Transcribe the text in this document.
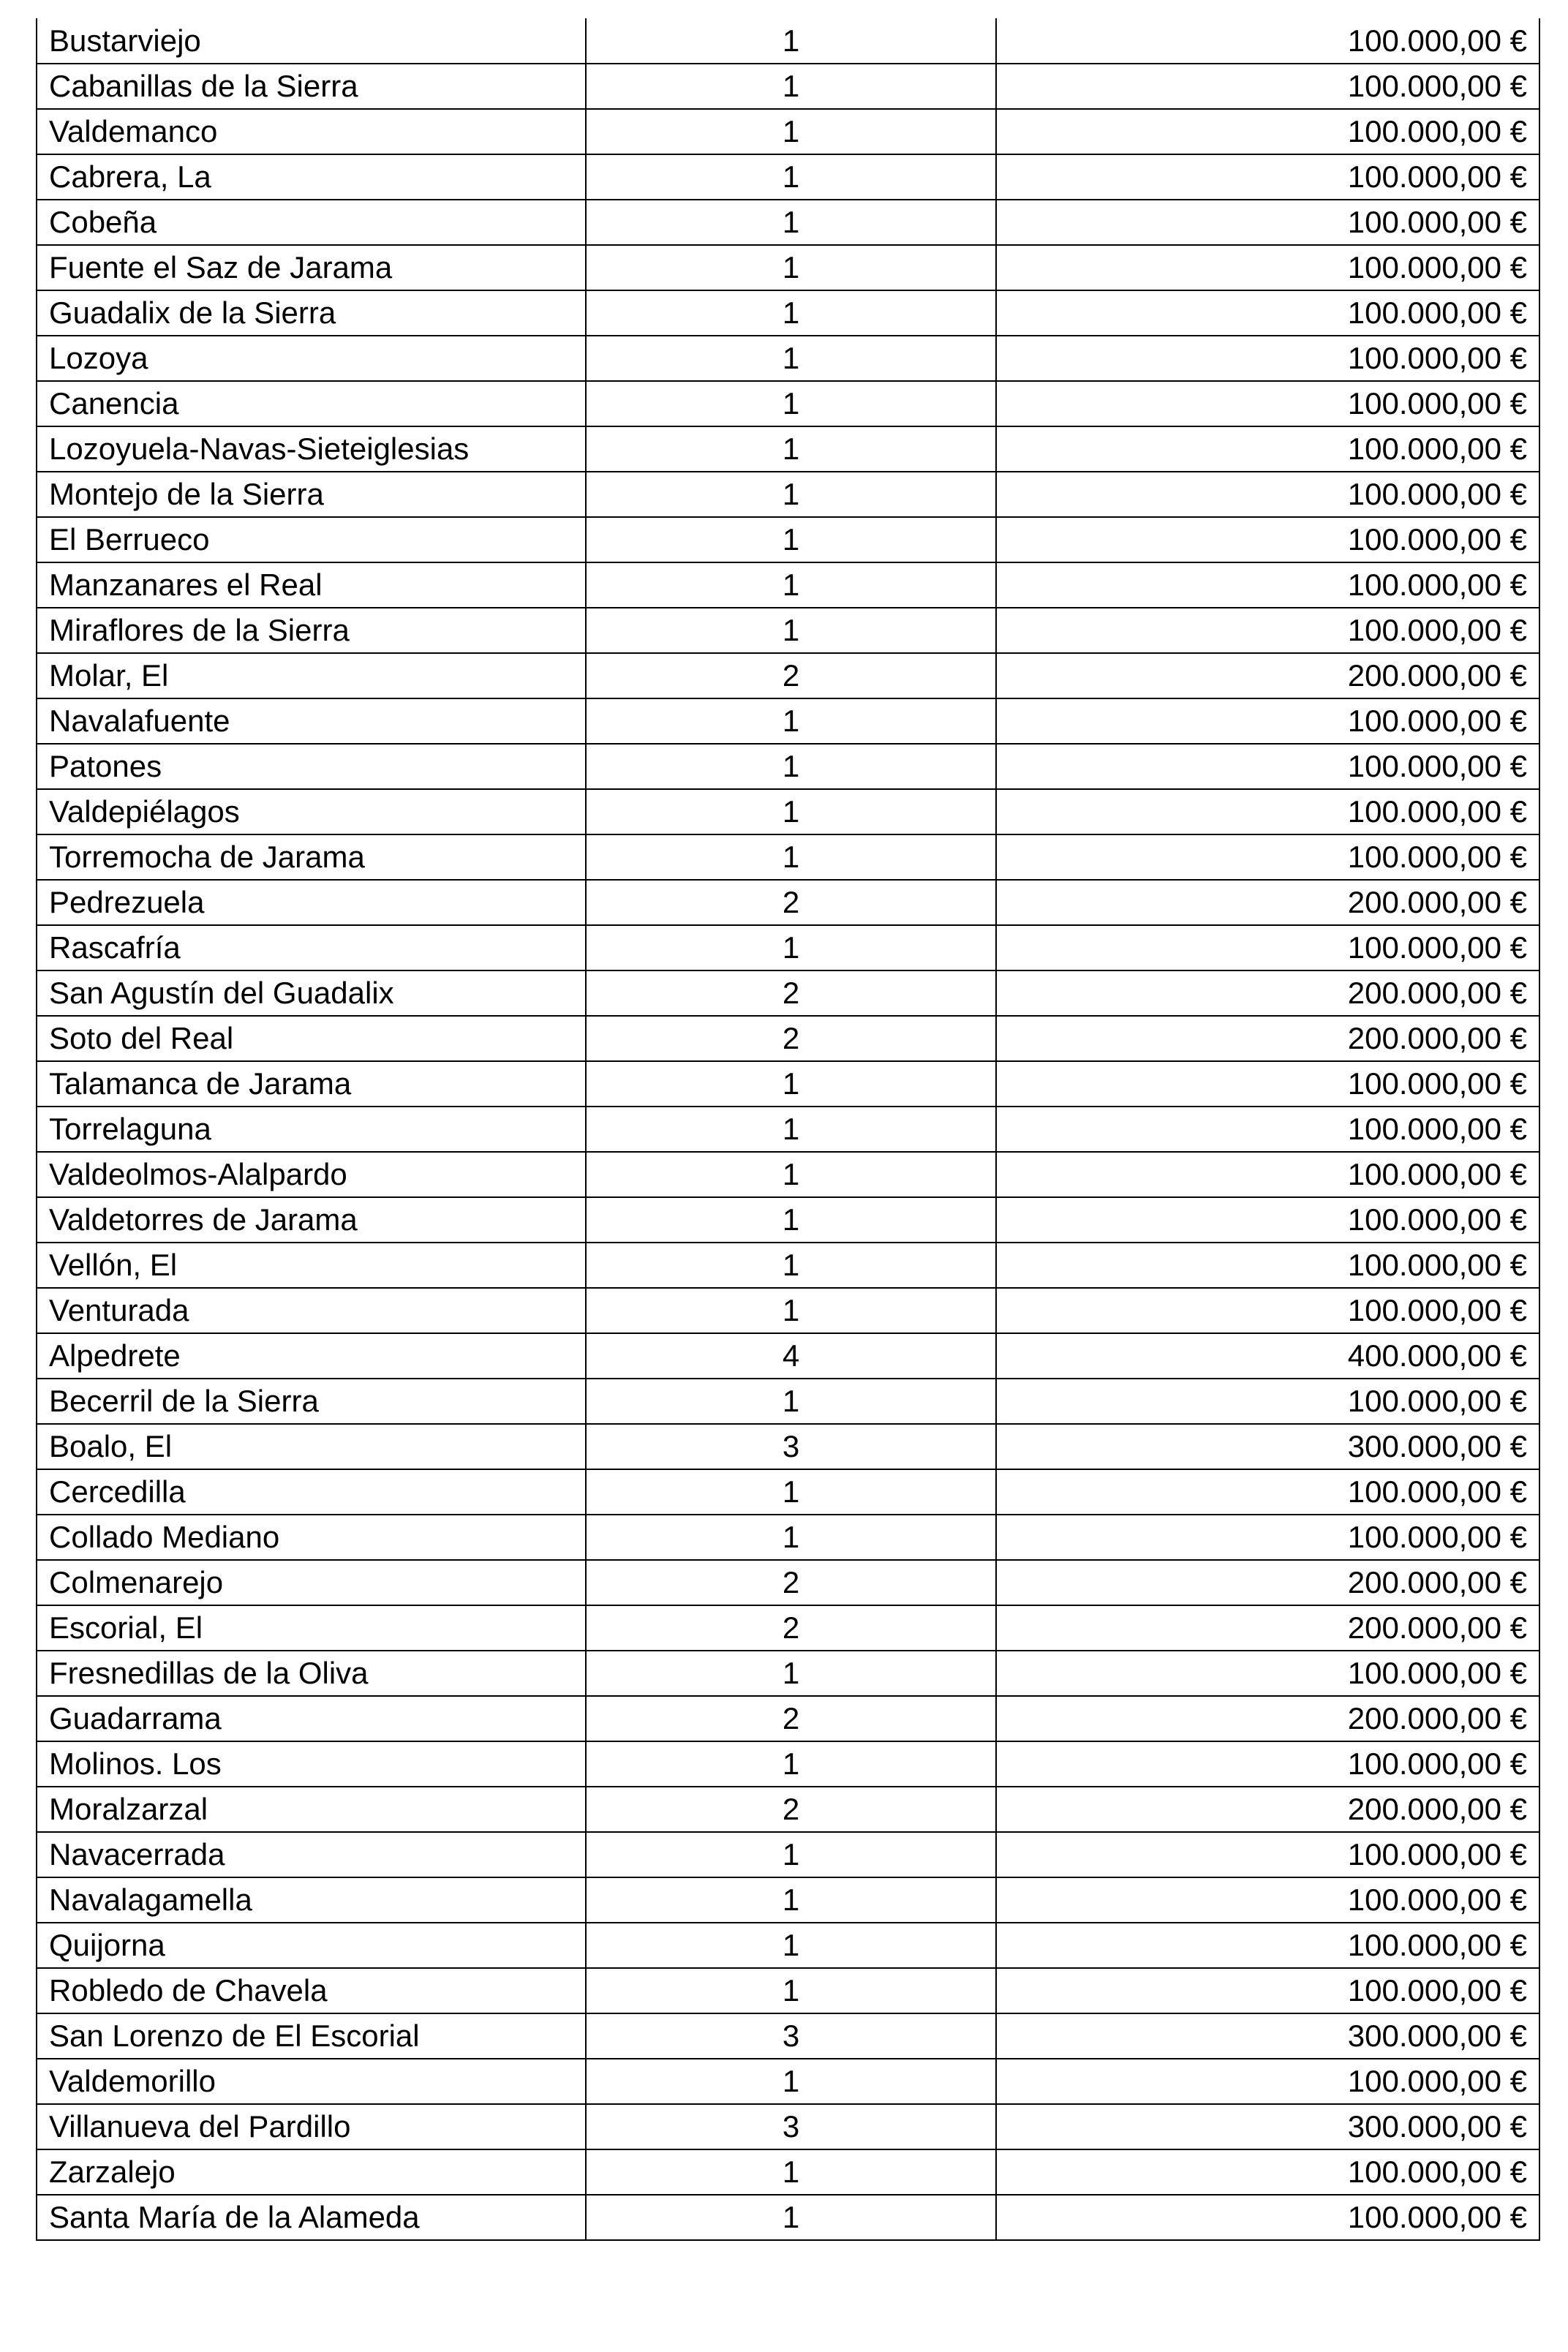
Bustarviejo	1	100.000,00 €
Cabanillas de la Sierra	1	100.000,00 €
Valdemanco	1	100.000,00 €
Cabrera, La	1	100.000,00 €
Cobeña	1	100.000,00 €
Fuente el Saz de Jarama	1	100.000,00 €
Guadalix de la Sierra	1	100.000,00 €
Lozoya	1	100.000,00 €
Canencia	1	100.000,00 €
Lozoyuela-Navas-Sieteiglesias	1	100.000,00 €
Montejo de la Sierra	1	100.000,00 €
El Berrueco	1	100.000,00 €
Manzanares el Real	1	100.000,00 €
Miraflores de la Sierra	1	100.000,00 €
Molar, El	2	200.000,00 €
Navalafuente	1	100.000,00 €
Patones	1	100.000,00 €
Valdepiélagos	1	100.000,00 €
Torremocha de Jarama	1	100.000,00 €
Pedrezuela	2	200.000,00 €
Rascafría	1	100.000,00 €
San Agustín del Guadalix	2	200.000,00 €
Soto del Real	2	200.000,00 €
Talamanca de Jarama	1	100.000,00 €
Torrelaguna	1	100.000,00 €
Valdeolmos-Alalpardo	1	100.000,00 €
Valdetorres de Jarama	1	100.000,00 €
Vellón, El	1	100.000,00 €
Venturada	1	100.000,00 €
Alpedrete	4	400.000,00 €
Becerril de la Sierra	1	100.000,00 €
Boalo, El	3	300.000,00 €
Cercedilla	1	100.000,00 €
Collado Mediano	1	100.000,00 €
Colmenarejo	2	200.000,00 €
Escorial, El	2	200.000,00 €
Fresnedillas de la Oliva	1	100.000,00 €
Guadarrama	2	200.000,00 €
Molinos. Los	1	100.000,00 €
Moralzarzal	2	200.000,00 €
Navacerrada	1	100.000,00 €
Navalagamella	1	100.000,00 €
Quijorna	1	100.000,00 €
Robledo de Chavela	1	100.000,00 €
San Lorenzo de El Escorial	3	300.000,00 €
Valdemorillo	1	100.000,00 €
Villanueva del Pardillo	3	300.000,00 €
Zarzalejo	1	100.000,00 €
Santa María de la Alameda	1	100.000,00 €
